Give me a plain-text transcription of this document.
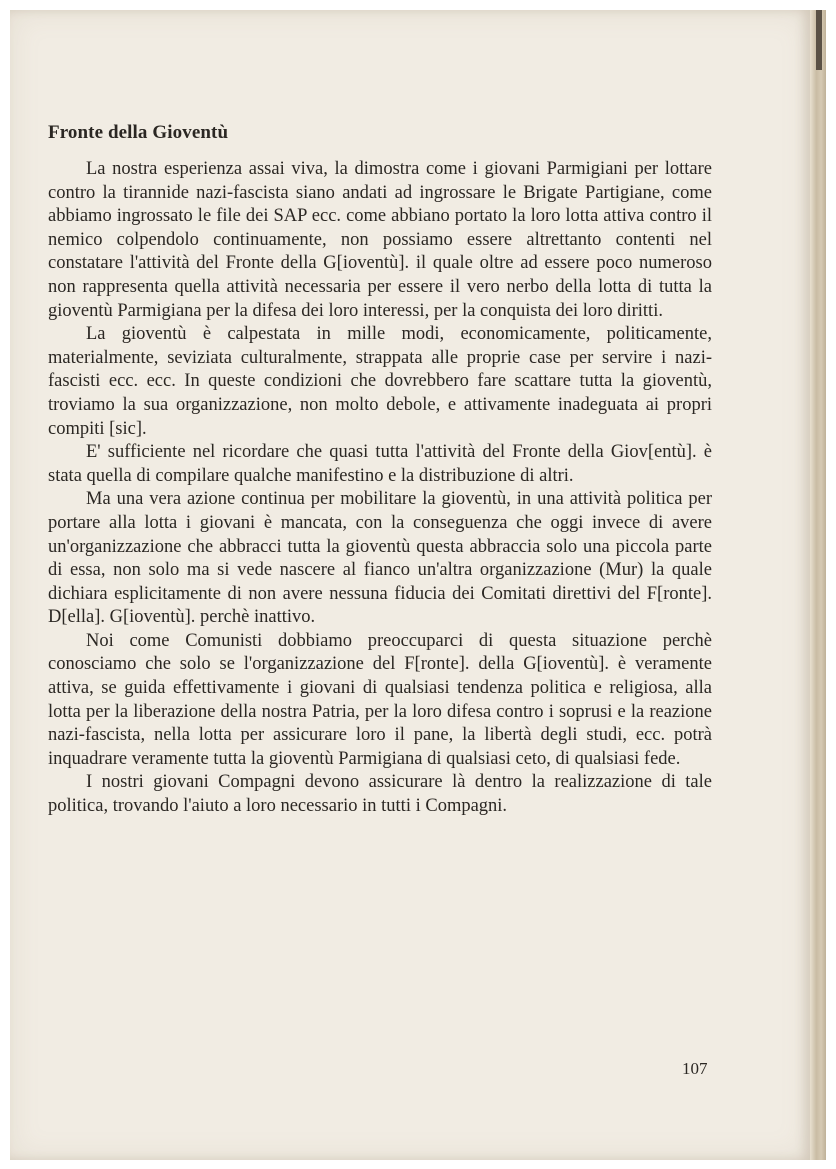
Fronte della Gioventù

La nostra esperienza assai viva, la dimostra come i giovani Parmigiani per lottare contro la tirannide nazi-fascista siano andati ad ingrossare le Brigate Partigiane, come abbiamo ingrossato le file dei SAP ecc. come abbiano portato la loro lotta attiva contro il nemico colpendolo continuamente, non possiamo essere altrettanto contenti nel constatare l'attività del Fronte della G[ioventù]. il quale oltre ad essere poco numeroso non rappresenta quella attività necessaria per essere il vero nerbo della lotta di tutta la gioventù Parmigiana per la difesa dei loro interessi, per la conquista dei loro diritti.

La gioventù è calpestata in mille modi, economicamente, politicamente, materialmente, seviziata culturalmente, strappata alle proprie case per servire i nazi-fascisti ecc. ecc. In queste condizioni che dovrebbero fare scattare tutta la gioventù, troviamo la sua organizzazione, non molto debole, e attivamente inadeguata ai propri compiti [sic].

E' sufficiente nel ricordare che quasi tutta l'attività del Fronte della Giov[entù]. è stata quella di compilare qualche manifestino e la distribuzione di altri.

Ma una vera azione continua per mobilitare la gioventù, in una attività politica per portare alla lotta i giovani è mancata, con la conseguenza che oggi invece di avere un'organizzazione che abbracci tutta la gioventù questa abbraccia solo una piccola parte di essa, non solo ma si vede nascere al fianco un'altra organizzazione (Mur) la quale dichiara esplicitamente di non avere nessuna fiducia dei Comitati direttivi del F[ronte]. D[ella]. G[ioventù]. perchè inattivo.

Noi come Comunisti dobbiamo preoccuparci di questa situazione perchè conosciamo che solo se l'organizzazione del F[ronte]. della G[ioventù]. è veramente attiva, se guida effettivamente i giovani di qualsiasi tendenza politica e religiosa, alla lotta per la liberazione della nostra Patria, per la loro difesa contro i soprusi e la reazione nazi-fascista, nella lotta per assicurare loro il pane, la libertà degli studi, ecc. potrà inquadrare veramente tutta la gioventù Parmigiana di qualsiasi ceto, di qualsiasi fede.

I nostri giovani Compagni devono assicurare là dentro la realizzazione di tale politica, trovando l'aiuto a loro necessario in tutti i Compagni.

107
